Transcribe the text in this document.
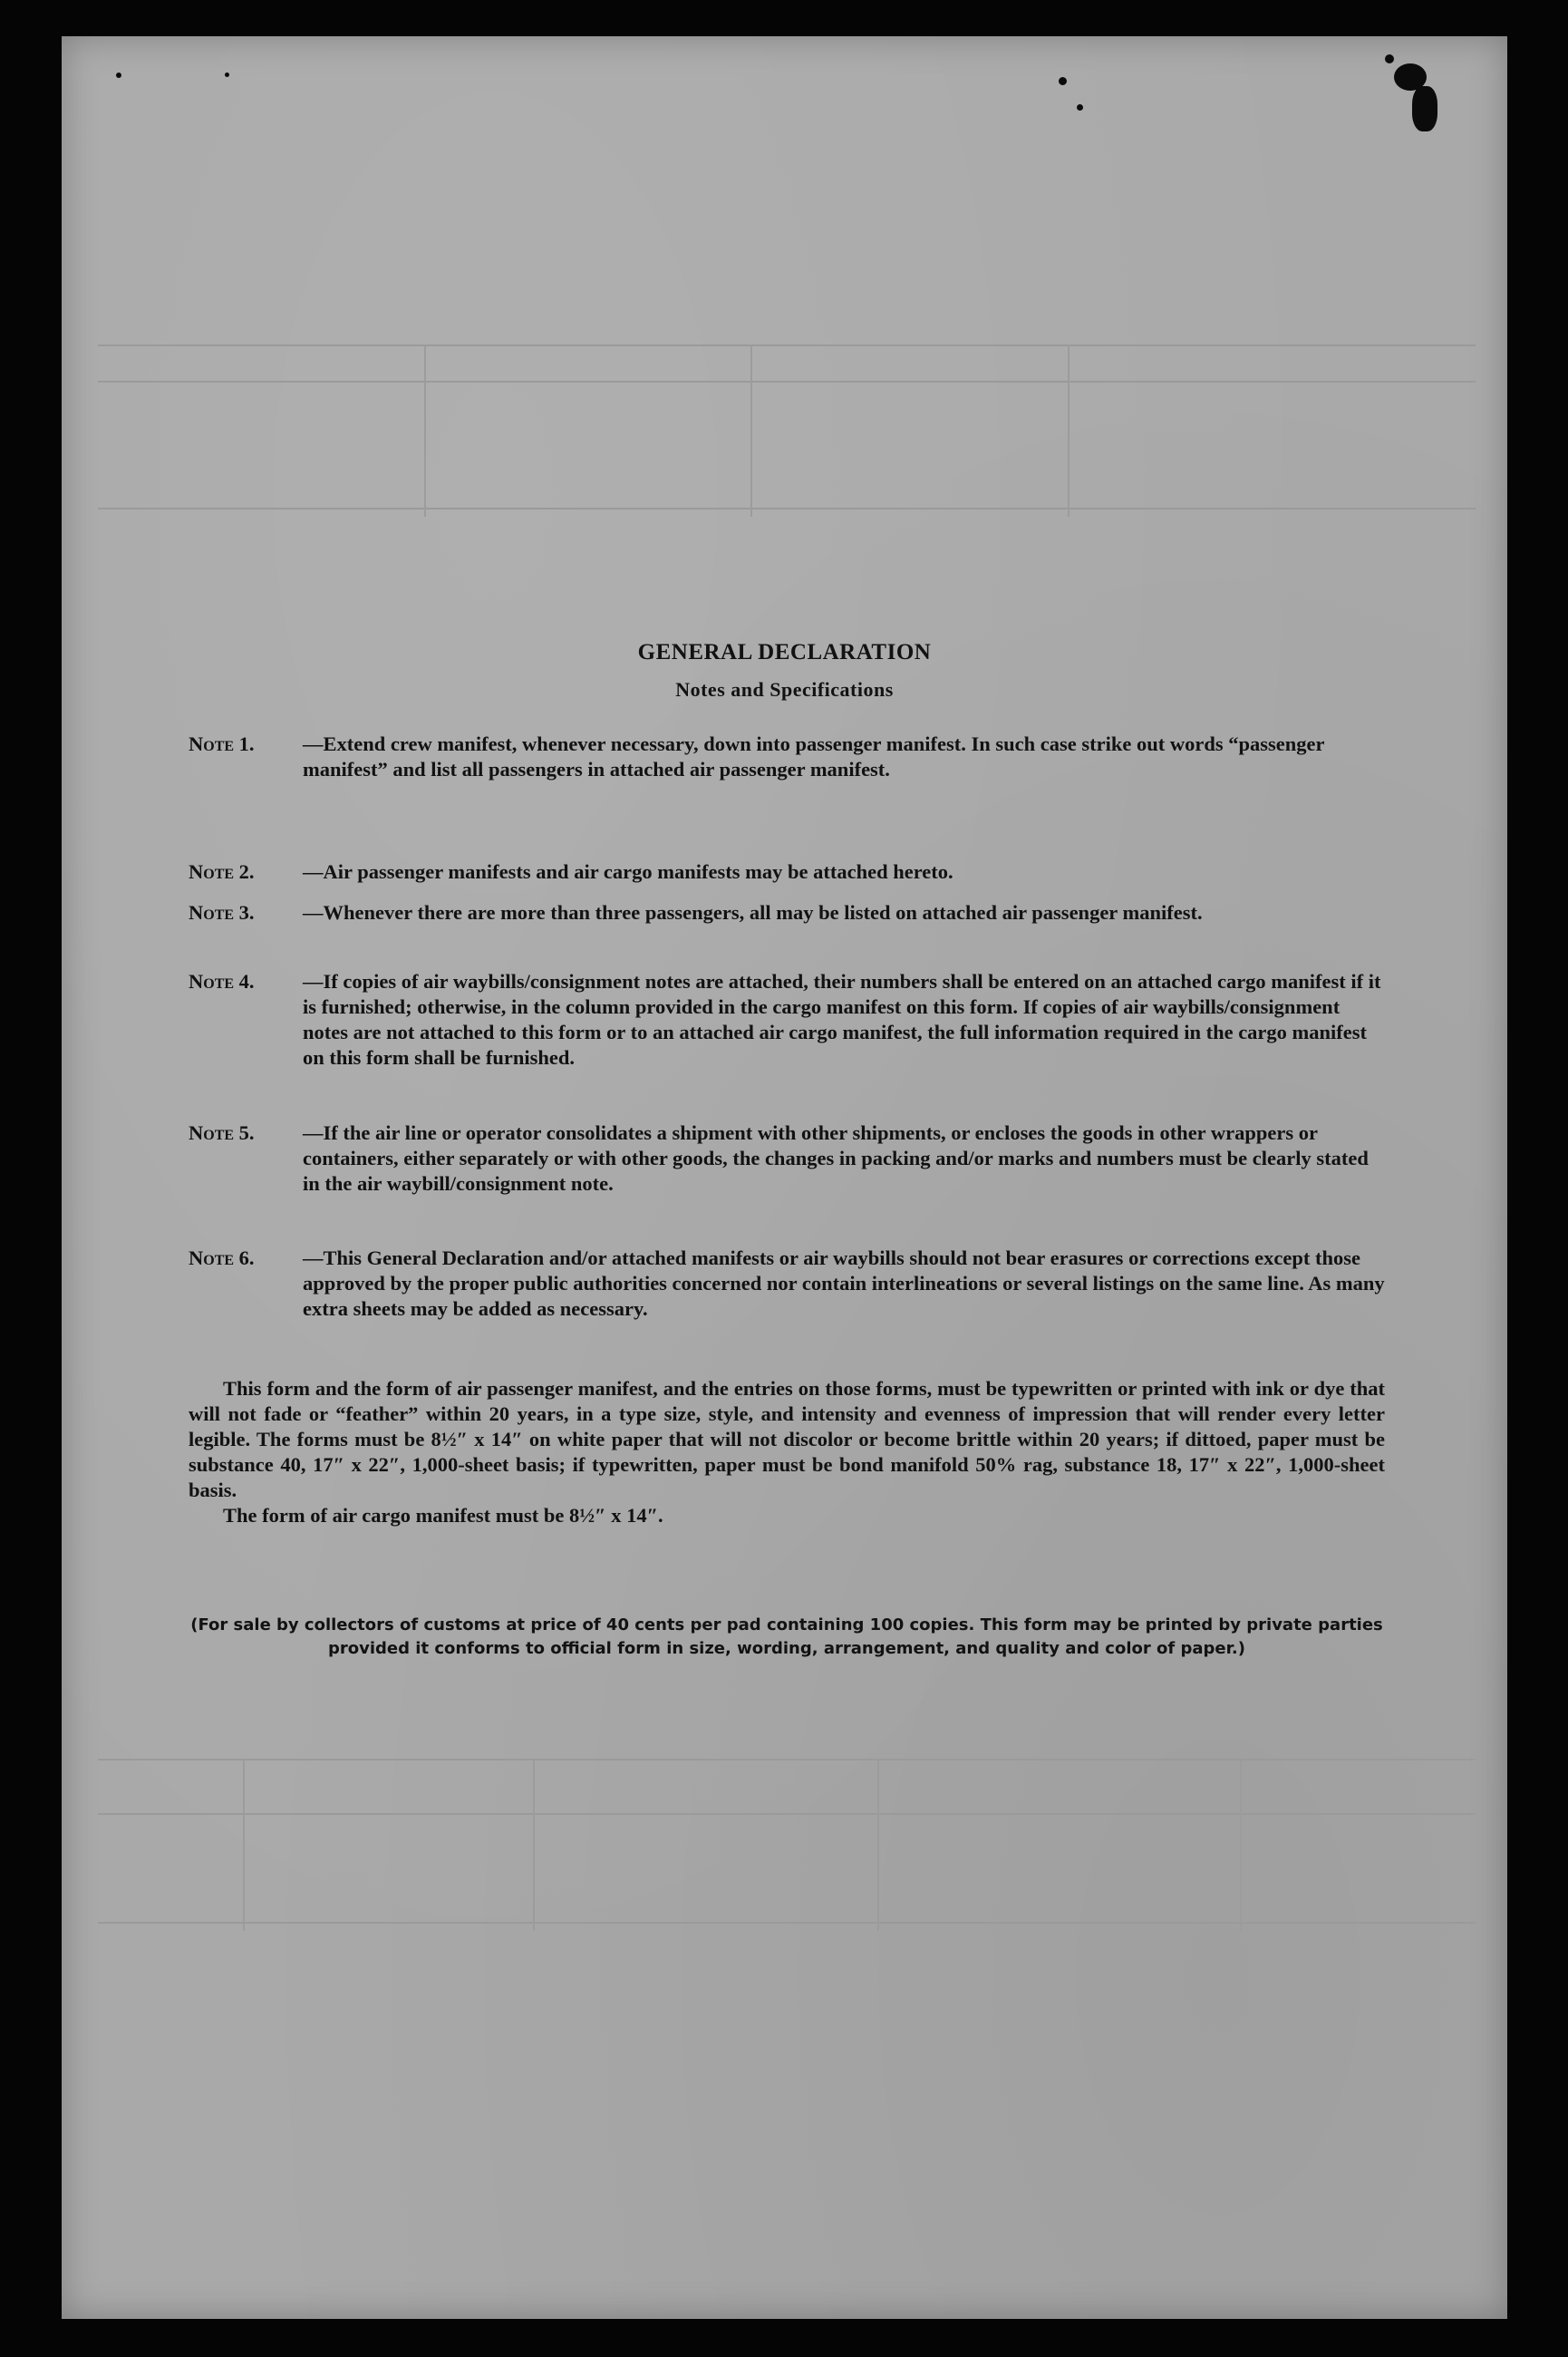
GENERAL DECLARATION
Notes and Specifications

Note 1. —Extend crew manifest, whenever necessary, down into passenger manifest. In such case strike out words “passenger manifest” and list all passengers in attached air passenger manifest.

Note 2. —Air passenger manifests and air cargo manifests may be attached hereto.

Note 3. —Whenever there are more than three passengers, all may be listed on attached air passenger manifest.

Note 4. —If copies of air waybills/consignment notes are attached, their numbers shall be entered on an attached cargo manifest if it is furnished; otherwise, in the column provided in the cargo manifest on this form. If copies of air waybills/consignment notes are not attached to this form or to an attached air cargo manifest, the full information required in the cargo manifest on this form shall be furnished.

Note 5. —If the air line or operator consolidates a shipment with other shipments, or encloses the goods in other wrappers or containers, either separately or with other goods, the changes in packing and/or marks and numbers must be clearly stated in the air waybill/consignment note.

Note 6. —This General Declaration and/or attached manifests or air waybills should not bear erasures or corrections except those approved by the proper public authorities concerned nor contain interlineations or several listings on the same line. As many extra sheets may be added as necessary.

This form and the form of air passenger manifest, and the entries on those forms, must be typewritten or printed with ink or dye that will not fade or “feather” within 20 years, in a type size, style, and intensity and evenness of impression that will render every letter legible. The forms must be 8½″ x 14″ on white paper that will not discolor or become brittle within 20 years; if dittoed, paper must be substance 40, 17″ x 22″, 1,000-sheet basis; if typewritten, paper must be bond manifold 50% rag, substance 18, 17″ x 22″, 1,000-sheet basis.

The form of air cargo manifest must be 8½″ x 14″.

(For sale by collectors of customs at price of 40 cents per pad containing 100 copies. This form may be printed by private parties provided it conforms to official form in size, wording, arrangement, and quality and color of paper.)
